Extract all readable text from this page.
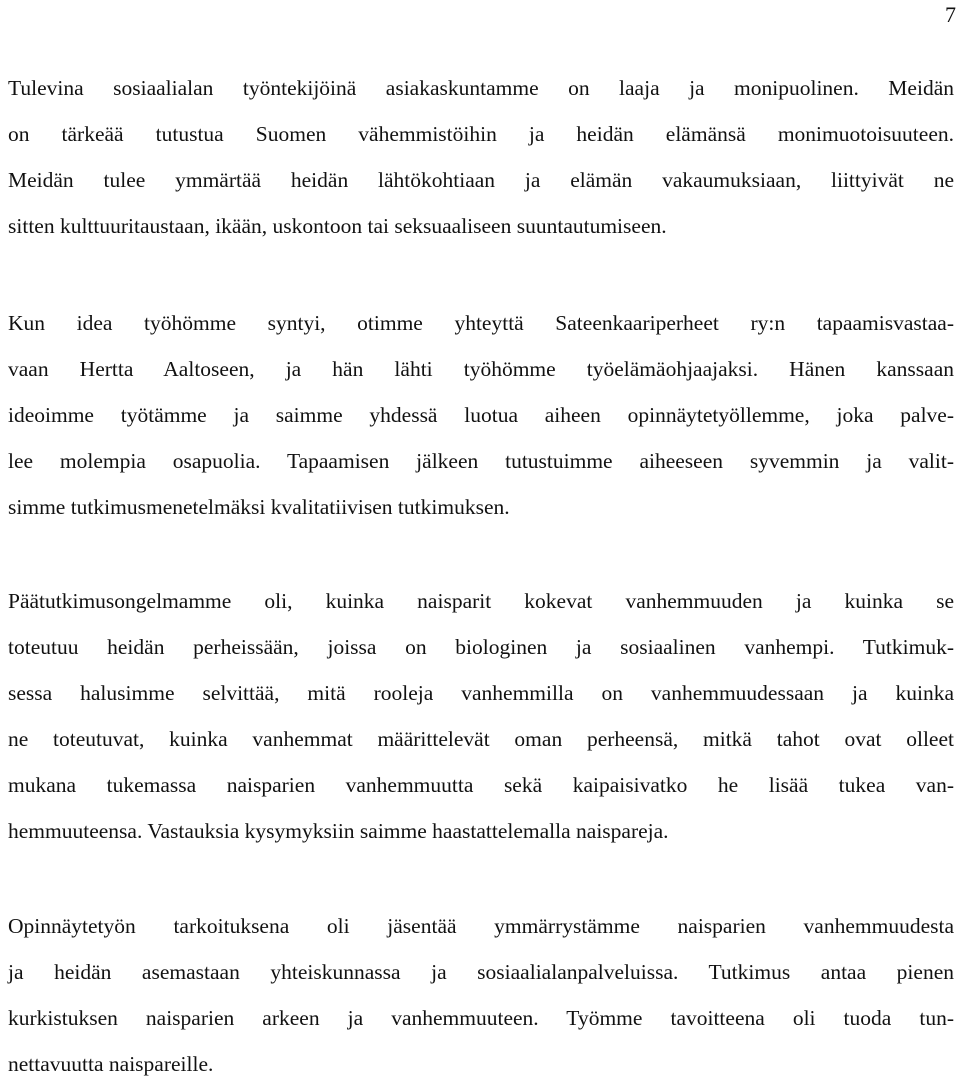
7
Tulevina sosiaalialan työntekijöinä asiakaskuntamme on laaja ja monipuolinen. Meidän
on tärkeää tutustua Suomen vähemmistöihin ja heidän elämänsä monimuotoisuuteen.
Meidän tulee ymmärtää heidän lähtökohtiaan ja elämän vakaumuksiaan, liittyivät ne
sitten kulttuuritaustaan, ikään, uskontoon tai seksuaaliseen suuntautumiseen.
Kun idea työhömme syntyi, otimme yhteyttä Sateenkaariperheet ry:n tapaamisvastaa-
vaan Hertta Aaltoseen, ja hän lähti työhömme työelämäohjaajaksi. Hänen kanssaan
ideoimme työtämme ja saimme yhdessä luotua aiheen opinnäytetyöllemme, joka palve-
lee molempia osapuolia. Tapaamisen jälkeen tutustuimme aiheeseen syvemmin ja valit-
simme tutkimusmenetelmäksi kvalitatiivisen tutkimuksen.
Päätutkimusongelmamme oli, kuinka naisparit kokevat vanhemmuuden ja kuinka se
toteutuu heidän perheissään, joissa on biologinen ja sosiaalinen vanhempi. Tutkimuk-
sessa halusimme selvittää, mitä rooleja vanhemmilla on vanhemmuudessaan ja kuinka
ne toteutuvat, kuinka vanhemmat määrittelevät oman perheensä, mitkä tahot ovat olleet
mukana tukemassa naisparien vanhemmuutta sekä kaipaisivatko he lisää tukea van-
hemmuuteensa. Vastauksia kysymyksiin saimme haastattelemalla naispareja.
Opinnäytetyön tarkoituksena oli jäsentää ymmärrystämme naisparien vanhemmuudesta
ja heidän asemastaan yhteiskunnassa ja sosiaalialanpalveluissa. Tutkimus antaa pienen
kurkistuksen naisparien arkeen ja vanhemmuuteen. Työmme tavoitteena oli tuoda tun-
nettavuutta naispareille.
